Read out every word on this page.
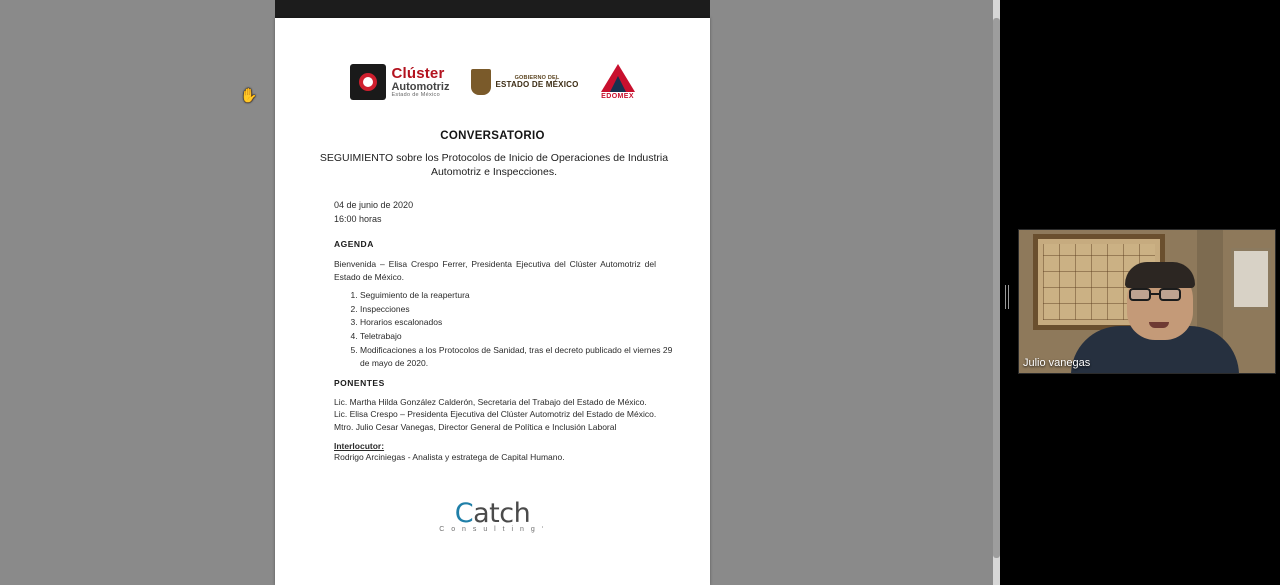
Clúster
Automotriz
Estado de México
GOBIERNO DEL
ESTADO DE MÉXICO
EDOMEX
CONVERSATORIO
SEGUIMIENTO sobre los Protocolos de Inicio de Operaciones de Industria Automotriz e Inspecciones.
04 de junio de 2020
16:00 horas
AGENDA
Bienvenida – Elisa Crespo Ferrer, Presidenta Ejecutiva del Clúster Automotriz del Estado de México.
1. Seguimiento de la reapertura
2. Inspecciones
3. Horarios escalonados
4. Teletrabajo
5. Modificaciones a los Protocolos de Sanidad, tras el decreto publicado el viernes 29 de mayo de 2020.
PONENTES
Lic. Martha Hilda González Calderón, Secretaria del Trabajo del Estado de México.
Lic. Elisa Crespo – Presidenta Ejecutiva del Clúster Automotriz del Estado de México.
Mtro. Julio Cesar Vanegas, Director General de Política e Inclusión Laboral
Interlocutor:
Rodrigo Arciniegas - Analista y estratega de Capital Humano.
Catch
C o n s u l t i n g ‘
✋
Julio vanegas
